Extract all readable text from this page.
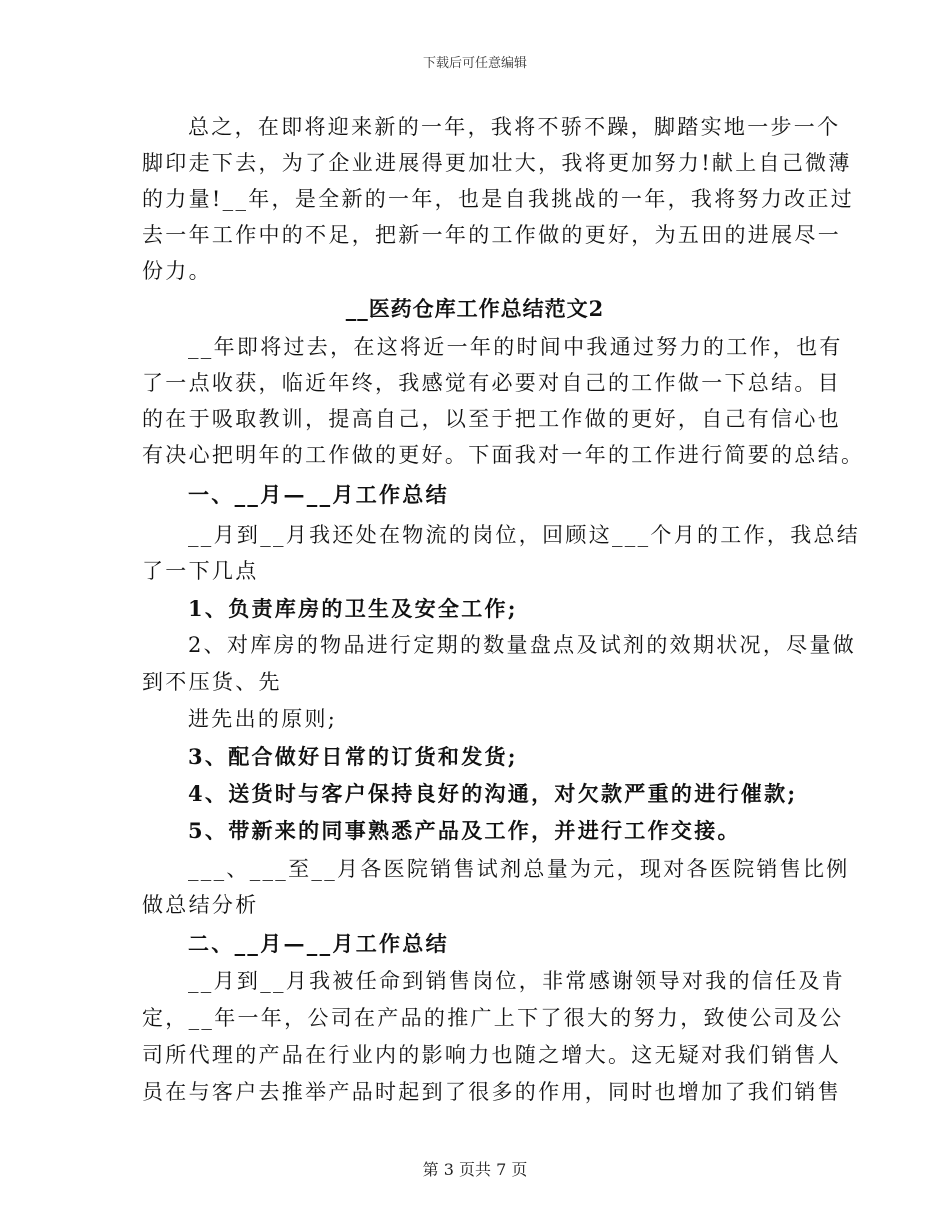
下载后可任意编辑
总之，在即将迎来新的一年，我将不骄不躁，脚踏实地一步一个
脚印走下去，为了企业进展得更加壮大，我将更加努力!献上自己微薄
的力量!__年，是全新的一年，也是自我挑战的一年，我将努力改正过
去一年工作中的不足，把新一年的工作做的更好，为五田的进展尽一
份力。
__医药仓库工作总结范文2
__年即将过去，在这将近一年的时间中我通过努力的工作，也有
了一点收获，临近年终，我感觉有必要对自己的工作做一下总结。目
的在于吸取教训，提高自己，以至于把工作做的更好，自己有信心也
有决心把明年的工作做的更好。下面我对一年的工作进行简要的总结。
一、__月—__月工作总结
__月到__月我还处在物流的岗位，回顾这___个月的工作，我总结
了一下几点
1、负责库房的卫生及安全工作;
2、对库房的物品进行定期的数量盘点及试剂的效期状况，尽量做
到不压货、先
进先出的原则;
3、配合做好日常的订货和发货;
4、送货时与客户保持良好的沟通，对欠款严重的进行催款;
5、带新来的同事熟悉产品及工作，并进行工作交接。
___、___至__月各医院销售试剂总量为元，现对各医院销售比例
做总结分析
二、__月—__月工作总结
__月到__月我被任命到销售岗位，非常感谢领导对我的信任及肯
定，__年一年，公司在产品的推广上下了很大的努力，致使公司及公
司所代理的产品在行业内的影响力也随之增大。这无疑对我们销售人
员在与客户去推举产品时起到了很多的作用，同时也增加了我们销售
第 3 页共 7 页
